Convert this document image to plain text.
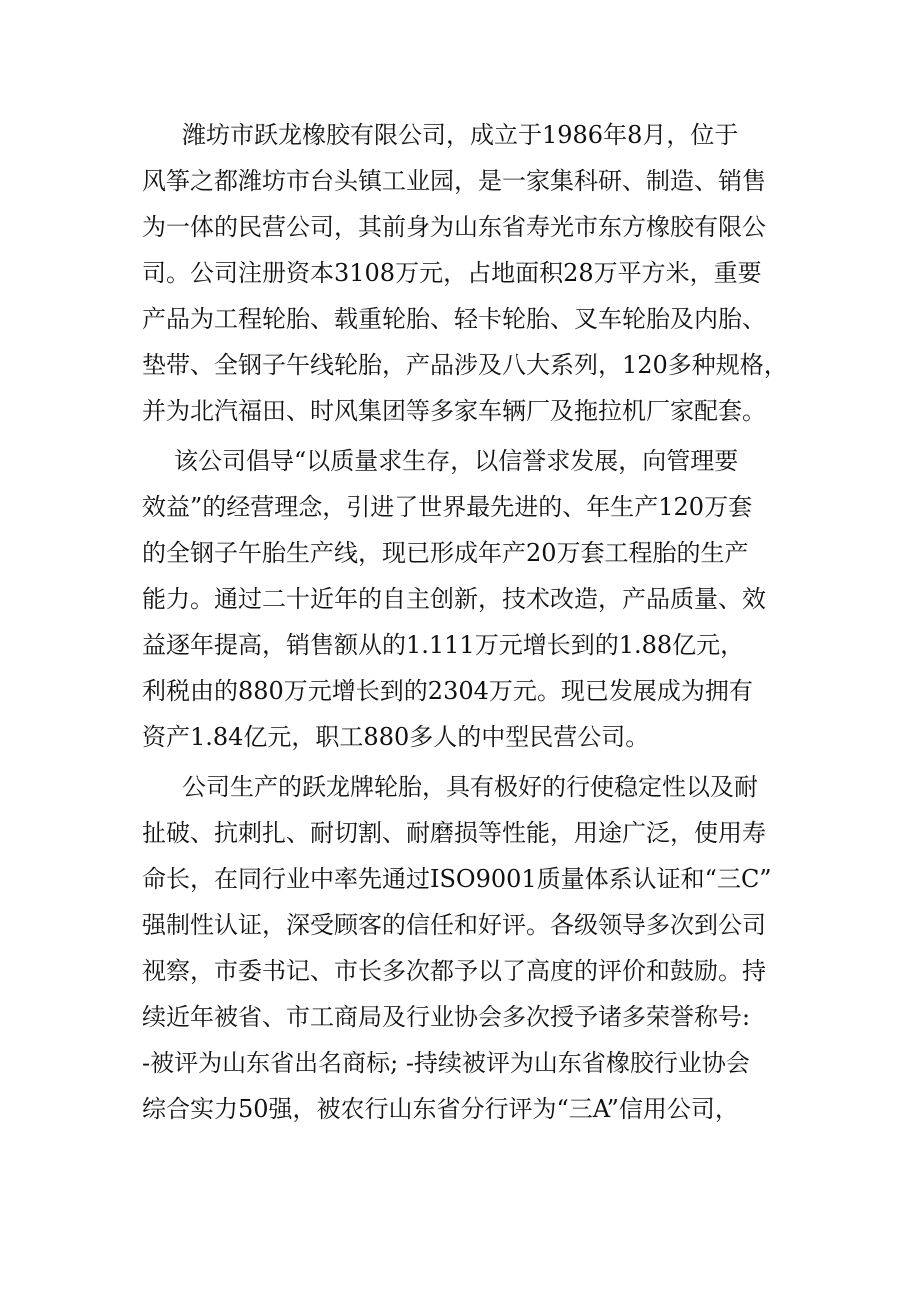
潍坊市跃龙橡胶有限公司，成立于1986年8月，位于
风筝之都潍坊市台头镇工业园，是一家集科研、制造、销售
为一体的民营公司，其前身为山东省寿光市东方橡胶有限公
司。公司注册资本3108万元，占地面积28万平方米，重要
产品为工程轮胎、载重轮胎、轻卡轮胎、叉车轮胎及内胎、
垫带、全钢子午线轮胎，产品涉及八大系列，120多种规格，
并为北汽福田、时风集团等多家车辆厂及拖拉机厂家配套。
该公司倡导“以质量求生存，以信誉求发展，向管理要
效益”的经营理念，引进了世界最先进的、年生产120万套
的全钢子午胎生产线，现已形成年产20万套工程胎的生产
能力。通过二十近年的自主创新，技术改造，产品质量、效
益逐年提高，销售额从的1.111万元增长到的1.88亿元，
利税由的880万元增长到的2304万元。现已发展成为拥有
资产1.84亿元，职工880多人的中型民营公司。
公司生产的跃龙牌轮胎，具有极好的行使稳定性以及耐
扯破、抗刺扎、耐切割、耐磨损等性能，用途广泛，使用寿
命长，在同行业中率先通过ISO9001质量体系认证和“三C”
强制性认证，深受顾客的信任和好评。各级领导多次到公司
视察，市委书记、市长多次都予以了高度的评价和鼓励。持
续近年被省、市工商局及行业协会多次授予诸多荣誉称号:
-被评为山东省出名商标; -持续被评为山东省橡胶行业协会
综合实力50强，被农行山东省分行评为“三A”信用公司，
